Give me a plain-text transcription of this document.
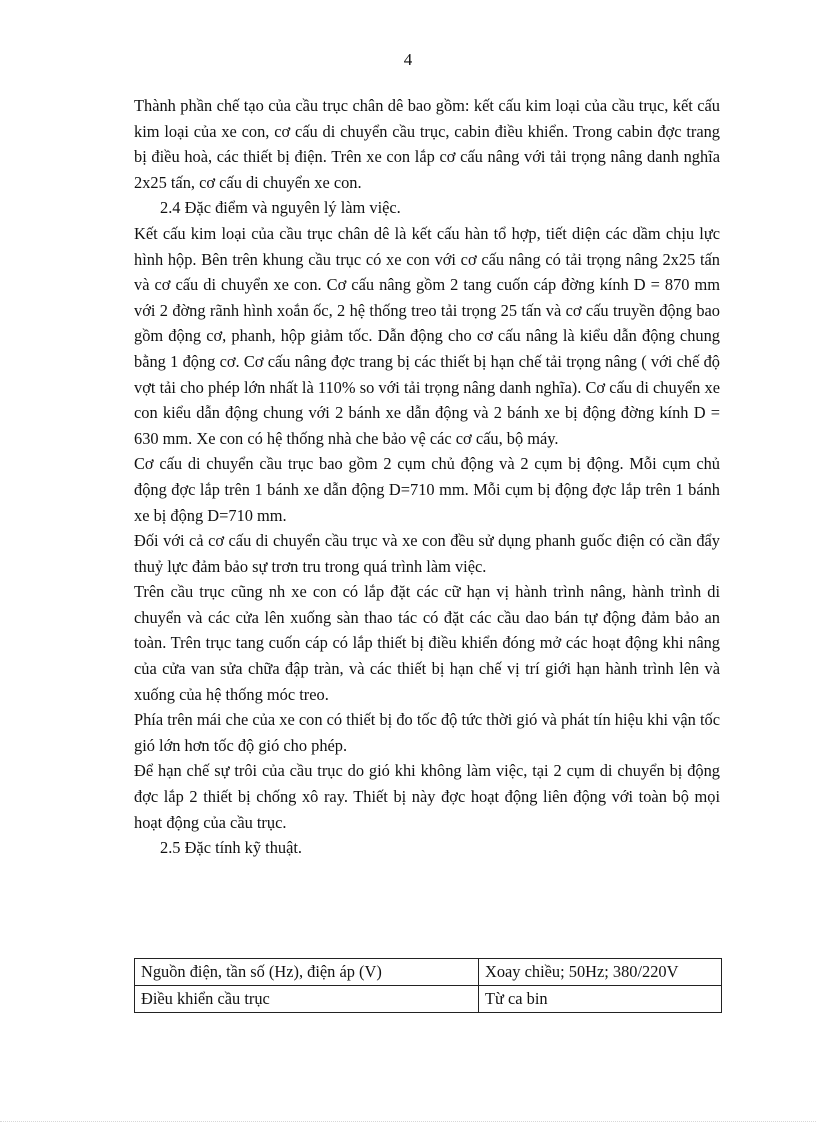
4

Thành phần chế tạo của cầu trục chân dê bao gồm: kết cấu kim loại của cầu trục, kết cấu kim loại của xe con, cơ cấu di chuyển cầu trục, cabin điều khiển. Trong cabin đợc trang bị điều hoà, các thiết bị điện. Trên xe con lắp cơ cấu nâng với tải trọng nâng danh nghĩa 2x25 tấn, cơ cấu di chuyển xe con.

2.4 Đặc điểm và nguyên lý làm việc.

Kết cấu kim loại của cầu trục chân dê là kết cấu hàn tổ hợp, tiết diện các dầm chịu lực hình hộp. Bên trên khung cầu trục có xe con với cơ cấu nâng có tải trọng nâng 2x25 tấn và cơ cấu di chuyển xe con. Cơ cấu nâng gồm 2 tang cuốn cáp đờng kính D = 870 mm với 2 đờng rãnh hình xoắn ốc, 2 hệ thống treo tải trọng 25 tấn và cơ cấu truyền động bao gồm động cơ, phanh, hộp giảm tốc. Dẫn động cho cơ cấu nâng là kiểu dẫn động chung bằng 1 động cơ. Cơ cấu nâng đợc trang bị các thiết bị hạn chế tải trọng nâng ( với chế độ vợt tải cho phép lớn nhất là 110% so với tải trọng nâng danh nghĩa). Cơ cấu di chuyển xe con kiểu dẫn động chung với 2 bánh xe dẫn động và 2 bánh xe bị động đờng kính D = 630 mm. Xe con có hệ thống nhà che bảo vệ các cơ cấu, bộ máy.

Cơ cấu di chuyển cầu trục bao gồm 2 cụm chủ động và 2 cụm bị động. Mỗi cụm chủ động đợc lắp trên 1 bánh xe dẫn động D=710 mm. Mỗi cụm bị động đợc lắp trên 1 bánh xe bị động D=710 mm.

Đối với cả cơ cấu di chuyển cầu trục và xe con đều sử dụng phanh guốc điện có cần đẩy thuỷ lực đảm bảo sự trơn tru trong quá trình làm việc.

Trên cầu trục cũng nh xe con có lắp đặt các cữ hạn vị hành trình nâng, hành trình di chuyển và các cửa lên xuống sàn thao tác có đặt các cầu dao bán tự động đảm bảo an toàn. Trên trục tang cuốn cáp có lắp thiết bị điều khiển đóng mở các hoạt động khi nâng của cửa van sửa chữa đập tràn, và các thiết bị hạn chế vị trí giới hạn hành trình lên và xuống của hệ thống móc treo.

Phía trên mái che của xe con có thiết bị đo tốc độ tức thời gió và phát tín hiệu khi vận tốc gió lớn hơn tốc độ gió cho phép.

Để hạn chế sự trôi của cầu trục do gió khi không làm việc, tại 2 cụm di chuyển bị động đợc lắp 2 thiết bị chống xô ray. Thiết bị này đợc hoạt động liên động với toàn bộ mọi hoạt động của cầu trục.

2.5 Đặc tính kỹ thuật.

Nguồn điện, tần số (Hz), điện áp (V)	Xoay chiều; 50Hz; 380/220V
Điều khiển cầu trục	Từ ca bin
